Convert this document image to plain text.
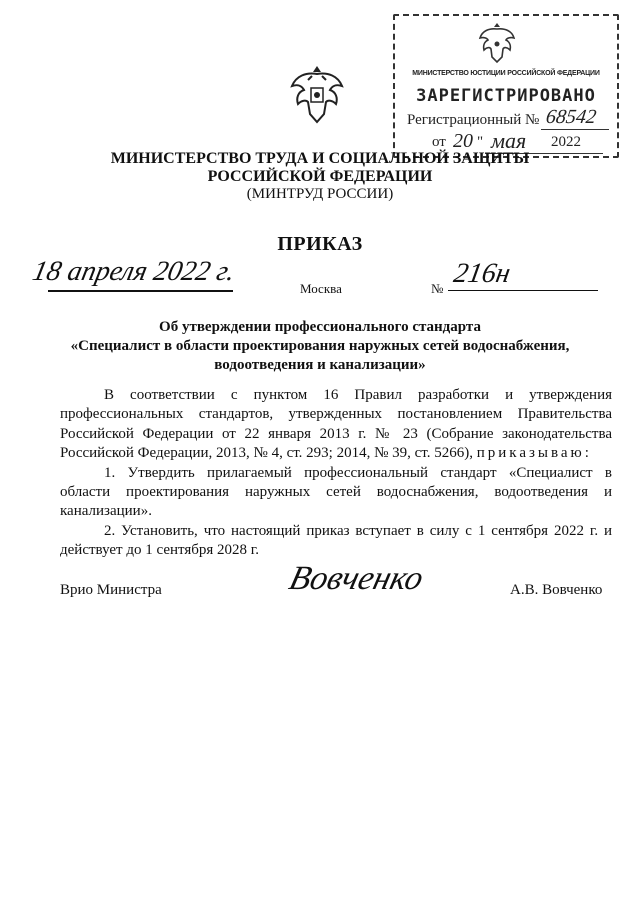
МИНИСТЕРСТВО ЮСТИЦИИ РОССИЙСКОЙ ФЕДЕРАЦИИ
ЗАРЕГИСТРИРОВАНО
Регистрационный № 68542
от 20 " мая 2022
МИНИСТЕРСТВО ТРУДА И СОЦИАЛЬНОЙ ЗАЩИТЫ
РОССИЙСКОЙ ФЕДЕРАЦИИ
(МИНТРУД РОССИИ)
ПРИКАЗ
18 апреля 2022 г.
Москва	№ 216н
Об утверждении профессионального стандарта
«Специалист в области проектирования наружных сетей водоснабжения,
водоотведения и канализации»

В соответствии с пунктом 16 Правил разработки и утверждения профессиональных стандартов, утвержденных постановлением Правительства Российской Федерации от 22 января 2013 г. № 23 (Собрание законодательства Российской Федерации, 2013, № 4, ст. 293; 2014, № 39, ст. 5266), приказываю:

1. Утвердить прилагаемый профессиональный стандарт «Специалист в области проектирования наружных сетей водоснабжения, водоотведения и канализации».

2. Установить, что настоящий приказ вступает в силу с 1 сентября 2022 г. и действует до 1 сентября 2028 г.

Врио Министра	Вовченко	А.В. Вовченко
